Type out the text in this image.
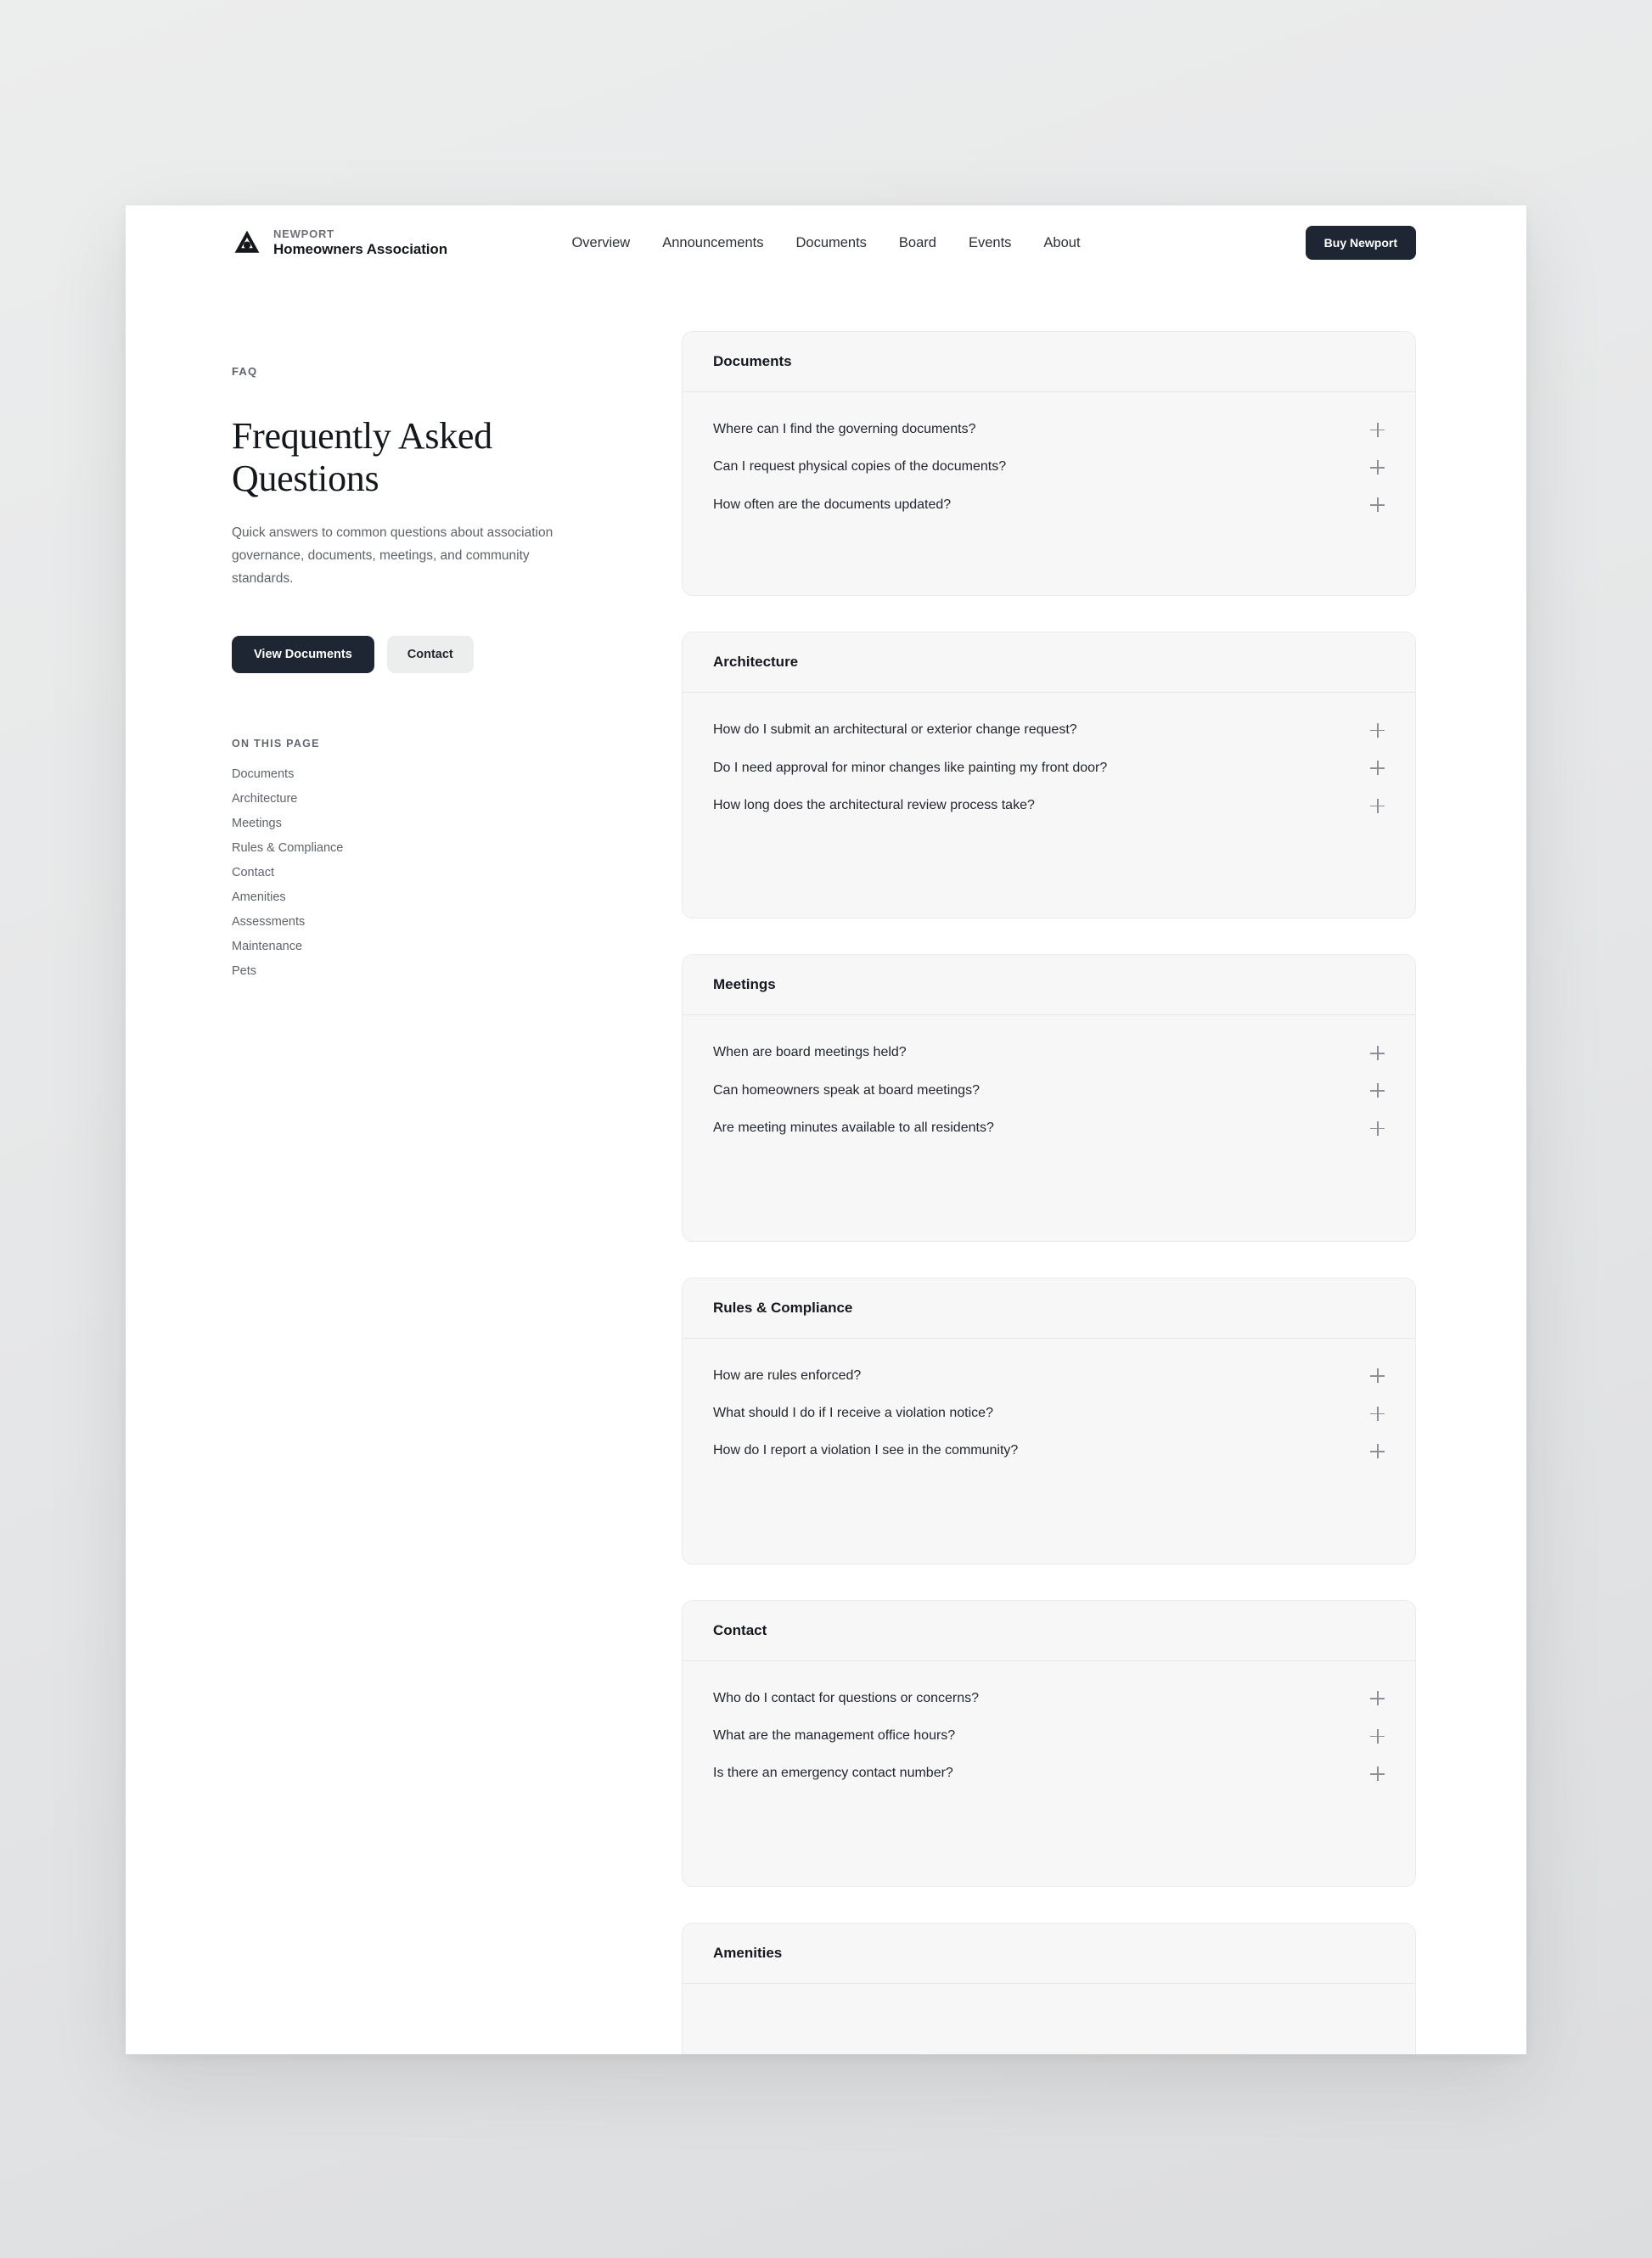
NEWPORT
Homeowners Association	Overview Announcements Documents Board Events About	Buy Newport
FAQ
Frequently Asked Questions

Quick answers to common questions about association governance, documents, meetings, and community standards.

View Documents	Contact
ON THIS PAGE
Documents
Architecture
Meetings
Rules & Compliance
Contact
Amenities
Assessments
Maintenance
Pets
Documents
Where can I find the governing documents?
Can I request physical copies of the documents?
How often are the documents updated?
Architecture
How do I submit an architectural or exterior change request?
Do I need approval for minor changes like painting my front door?
How long does the architectural review process take?
Meetings
When are board meetings held?
Can homeowners speak at board meetings?
Are meeting minutes available to all residents?
Rules & Compliance
How are rules enforced?
What should I do if I receive a violation notice?
How do I report a violation I see in the community?
Contact
Who do I contact for questions or concerns?
What are the management office hours?
Is there an emergency contact number?
Amenities
